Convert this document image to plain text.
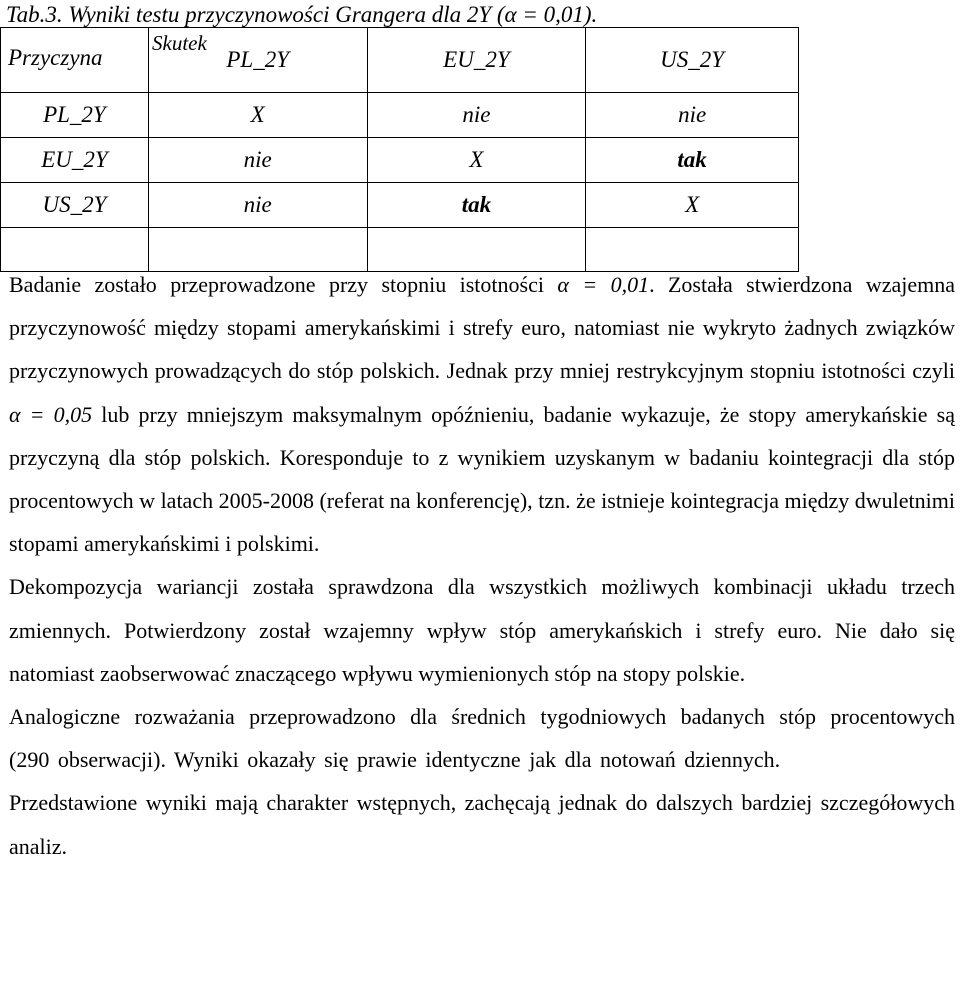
Tab.3. Wyniki testu przyczynowości Grangera dla 2Y (α = 0,01).
Skutek
Przyczyna	PL_2Y	EU_2Y	US_2Y
PL_2Y	X	nie	nie
EU_2Y	nie	X	tak
US_2Y	nie	tak	X

Badanie zostało przeprowadzone przy stopniu istotności α = 0,01. Została stwierdzona wzajemna przyczynowość między stopami amerykańskimi i strefy euro, natomiast nie wykryto żadnych związków przyczynowych prowadzących do stóp polskich. Jednak przy mniej restrykcyjnym stopniu istotności czyli α = 0,05 lub przy mniejszym maksymalnym opóźnieniu, badanie wykazuje, że stopy amerykańskie są przyczyną dla stóp polskich. Koresponduje to z wynikiem uzyskanym w badaniu kointegracji dla stóp procentowych w latach 2005-2008 (referat na konferencję), tzn. że istnieje kointegracja między dwuletnimi stopami amerykańskimi i polskimi.

Dekompozycja wariancji została sprawdzona dla wszystkich możliwych kombinacji układu trzech zmiennych. Potwierdzony został wzajemny wpływ stóp amerykańskich i strefy euro. Nie dało się natomiast zaobserwować znaczącego wpływu wymienionych stóp na stopy polskie.

Analogiczne rozważania przeprowadzono dla średnich tygodniowych badanych stóp procentowych (290 obserwacji). Wyniki okazały się prawie identyczne jak dla notowań dziennych.

Przedstawione wyniki mają charakter wstępnych, zachęcają jednak do dalszych bardziej szczegółowych analiz.
